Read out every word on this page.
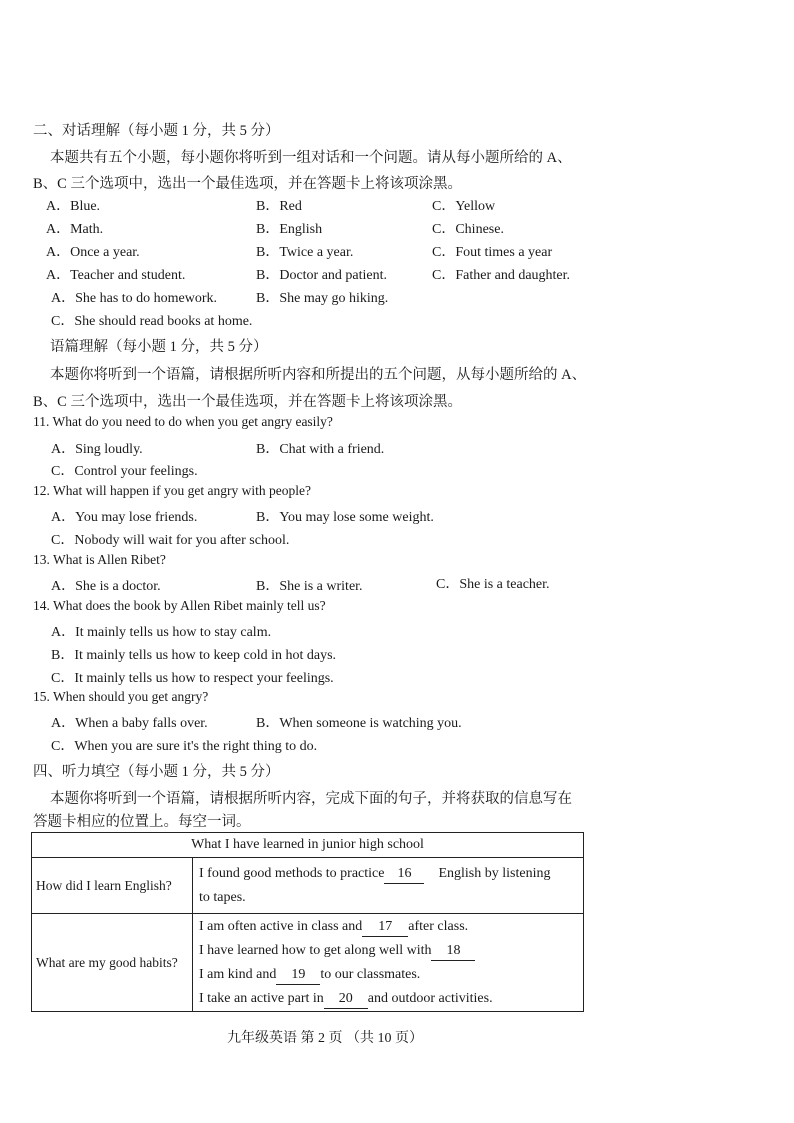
二、对话理解（每小题 1 分，共 5 分）
本题共有五个小题，每小题你将听到一组对话和一个问题。请从每小题所给的 A、
B、C 三个选项中，选出一个最佳选项，并在答题卡上将该项涂黑。
A．Blue.	B．Red	C．Yellow
A．Math.	B．English	C．Chinese.
A．Once a year.	B．Twice a year.	C．Fout times a year
A．Teacher and student.	B．Doctor and patient.	C．Father and daughter.
A．She has to do homework.	B．She may go hiking.
C．She should read books at home.
语篇理解（每小题 1 分，共 5 分）
本题你将听到一个语篇，请根据所听内容和所提出的五个问题，从每小题所给的 A、
B、C 三个选项中，选出一个最佳选项，并在答题卡上将该项涂黑。
11. What do you need to do when you get angry easily?
A．Sing loudly.	B．Chat with a friend.
C．Control your feelings.
12. What will happen if you get angry with people?
A．You may lose friends.	B．You may lose some weight.
C．Nobody will wait for you after school.
13. What is Allen Ribet?
A．She is a doctor.	B．She is a writer.	C．She is a teacher.
14. What does the book by Allen Ribet mainly tell us?
A．It mainly tells us how to stay calm.
B．It mainly tells us how to keep cold in hot days.
C．It mainly tells us how to respect your feelings.
15. When should you get angry?
A．When a baby falls over.	B．When someone is watching you.
C．When you are sure it's the right thing to do.
四、听力填空（每小题 1 分，共 5 分）
本题你将听到一个语篇，请根据所听内容，完成下面的句子，并将获取的信息写在
答题卡相应的位置上。每空一词。
What I have learned in junior high school	
How did I learn English?	I found good methods to practice 16 English by listening
to tapes.

What are my good habits?	I am often active in class and 17 after class.
I have learned how to get along well with 18
I am kind and 19 to our classmates.
I take an active part in 20 and outdoor activities.
九年级英语 第 2 页 （共 10 页）
